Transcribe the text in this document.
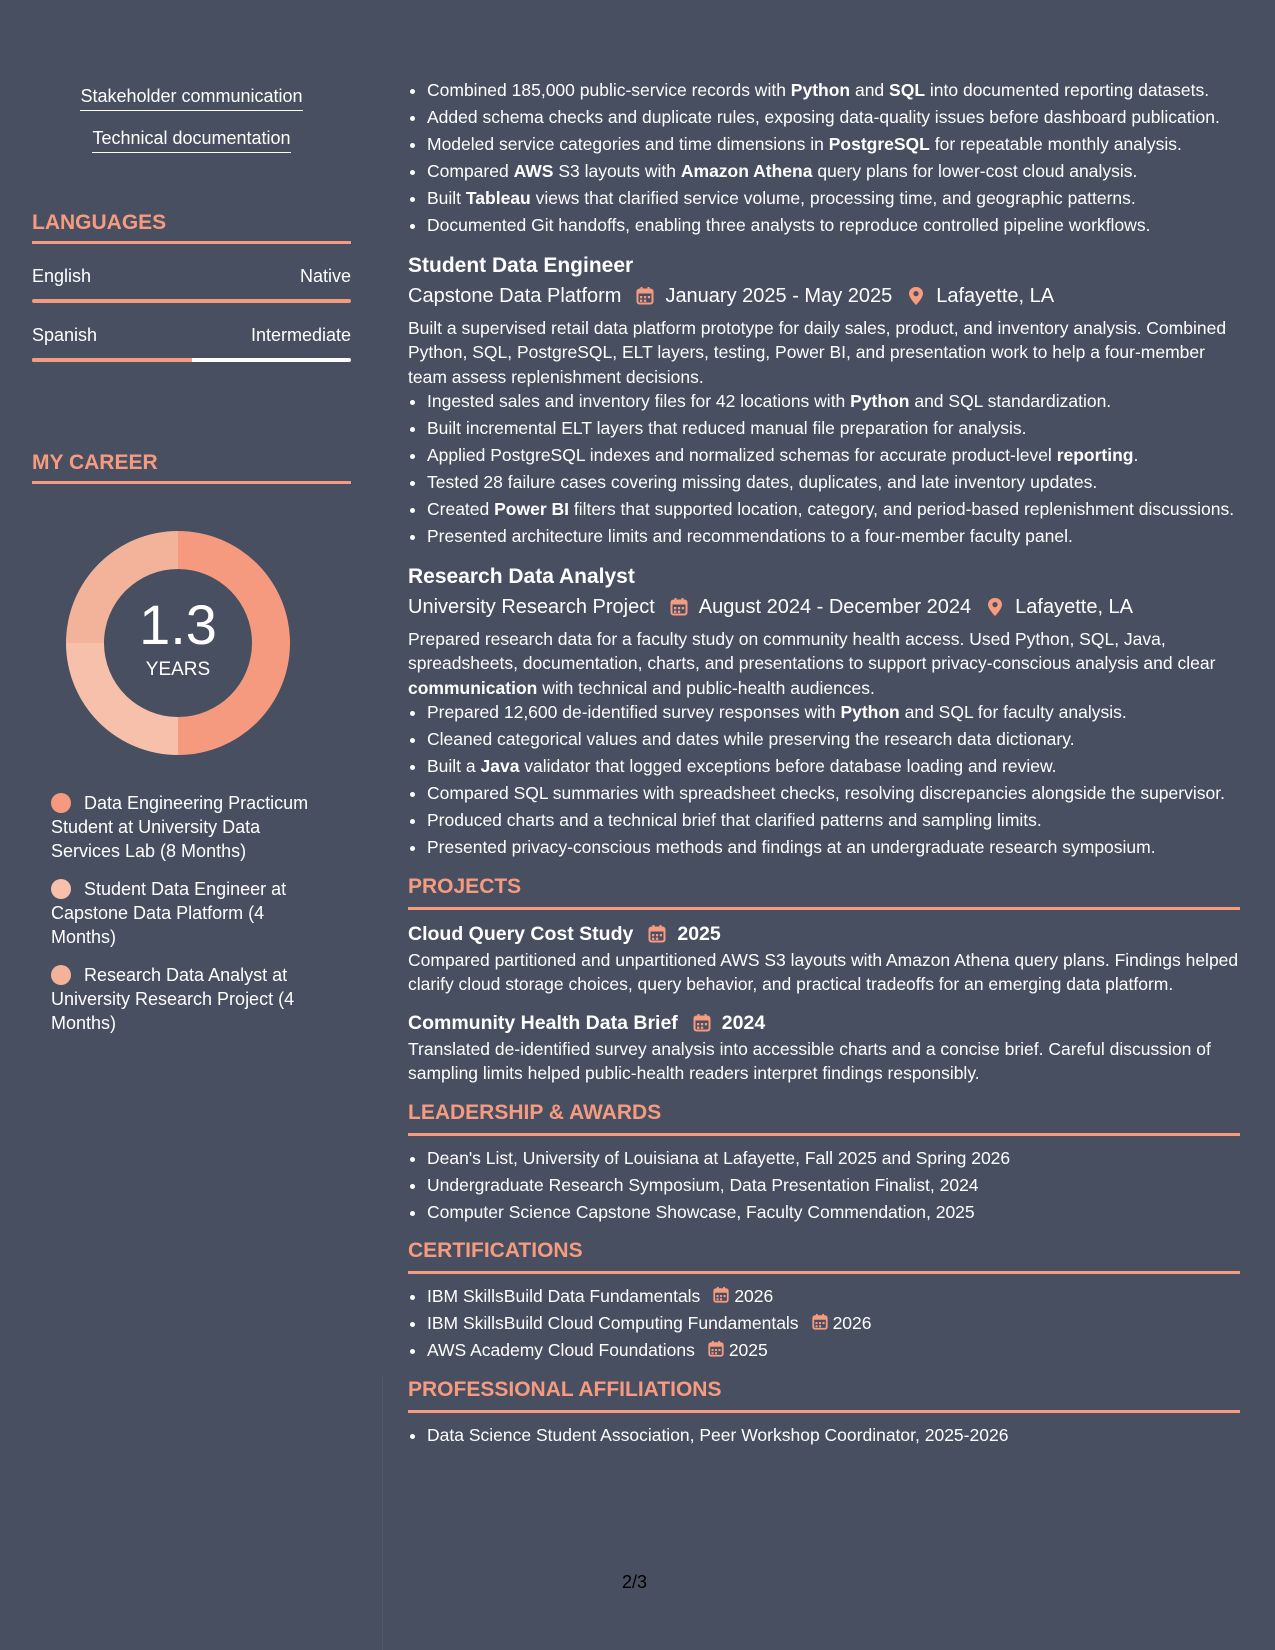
Stakeholder communication
Technical documentation
LANGUAGES
English	Native
Spanish	Intermediate
MY CAREER
1.3
YEARS
Data Engineering Practicum Student at University Data Services Lab (8 Months)
Student Data Engineer at Capstone Data Platform (4 Months)
Research Data Analyst at University Research Project (4 Months)
• Combined 185,000 public-service records with Python and SQL into documented reporting datasets.
• Added schema checks and duplicate rules, exposing data-quality issues before dashboard publication.
• Modeled service categories and time dimensions in PostgreSQL for repeatable monthly analysis.
• Compared AWS S3 layouts with Amazon Athena query plans for lower-cost cloud analysis.
• Built Tableau views that clarified service volume, processing time, and geographic patterns.
• Documented Git handoffs, enabling three analysts to reproduce controlled pipeline workflows.
Student Data Engineer
Capstone Data Platform January 2025 - May 2025 Lafayette, LA
Built a supervised retail data platform prototype for daily sales, product, and inventory analysis. Combined Python, SQL, PostgreSQL, ELT layers, testing, Power BI, and presentation work to help a four-member team assess replenishment decisions.
• Ingested sales and inventory files for 42 locations with Python and SQL standardization.
• Built incremental ELT layers that reduced manual file preparation for analysis.
• Applied PostgreSQL indexes and normalized schemas for accurate product-level reporting.
• Tested 28 failure cases covering missing dates, duplicates, and late inventory updates.
• Created Power BI filters that supported location, category, and period-based replenishment discussions.
• Presented architecture limits and recommendations to a four-member faculty panel.
Research Data Analyst
University Research Project August 2024 - December 2024 Lafayette, LA
Prepared research data for a faculty study on community health access. Used Python, SQL, Java, spreadsheets, documentation, charts, and presentations to support privacy-conscious analysis and clear communication with technical and public-health audiences.
• Prepared 12,600 de-identified survey responses with Python and SQL for faculty analysis.
• Cleaned categorical values and dates while preserving the research data dictionary.
• Built a Java validator that logged exceptions before database loading and review.
• Compared SQL summaries with spreadsheet checks, resolving discrepancies alongside the supervisor.
• Produced charts and a technical brief that clarified patterns and sampling limits.
• Presented privacy-conscious methods and findings at an undergraduate research symposium.
PROJECTS
Cloud Query Cost Study 2025
Compared partitioned and unpartitioned AWS S3 layouts with Amazon Athena query plans. Findings helped clarify cloud storage choices, query behavior, and practical tradeoffs for an emerging data platform.
Community Health Data Brief 2024
Translated de-identified survey analysis into accessible charts and a concise brief. Careful discussion of sampling limits helped public-health readers interpret findings responsibly.
LEADERSHIP & AWARDS
• Dean's List, University of Louisiana at Lafayette, Fall 2025 and Spring 2026
• Undergraduate Research Symposium, Data Presentation Finalist, 2024
• Computer Science Capstone Showcase, Faculty Commendation, 2025
CERTIFICATIONS
• IBM SkillsBuild Data Fundamentals 2026
• IBM SkillsBuild Cloud Computing Fundamentals 2026
• AWS Academy Cloud Foundations 2025
PROFESSIONAL AFFILIATIONS
• Data Science Student Association, Peer Workshop Coordinator, 2025-2026
2/3
